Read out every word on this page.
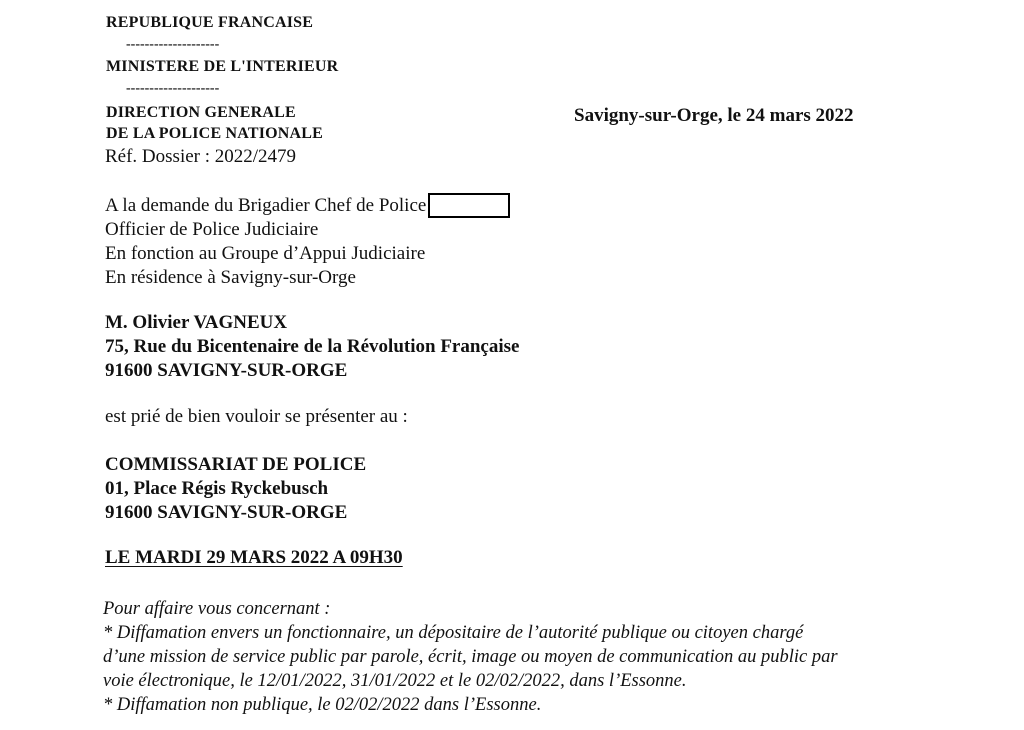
REPUBLIQUE FRANCAISE
--------------------
MINISTERE DE L'INTERIEUR
--------------------
DIRECTION GENERALE
DE LA POLICE NATIONALE
Réf. Dossier : 2022/2479
Savigny-sur-Orge, le 24 mars 2022
A la demande du Brigadier Chef de Police
Officier de Police Judiciaire
En fonction au Groupe d’Appui Judiciaire
En résidence à Savigny-sur-Orge
M. Olivier VAGNEUX
75, Rue du Bicentenaire de la Révolution Française
91600 SAVIGNY-SUR-ORGE
est prié de bien vouloir se présenter au :
COMMISSARIAT DE POLICE
01, Place Régis Ryckebusch
91600 SAVIGNY-SUR-ORGE
LE MARDI 29 MARS 2022 A 09H30
Pour affaire vous concernant :
* Diffamation envers un fonctionnaire, un dépositaire de l’autorité publique ou citoyen chargé
d’une mission de service public par parole, écrit, image ou moyen de communication au public par
voie électronique, le 12/01/2022, 31/01/2022 et le 02/02/2022, dans l’Essonne.
* Diffamation non publique, le 02/02/2022 dans l’Essonne.
